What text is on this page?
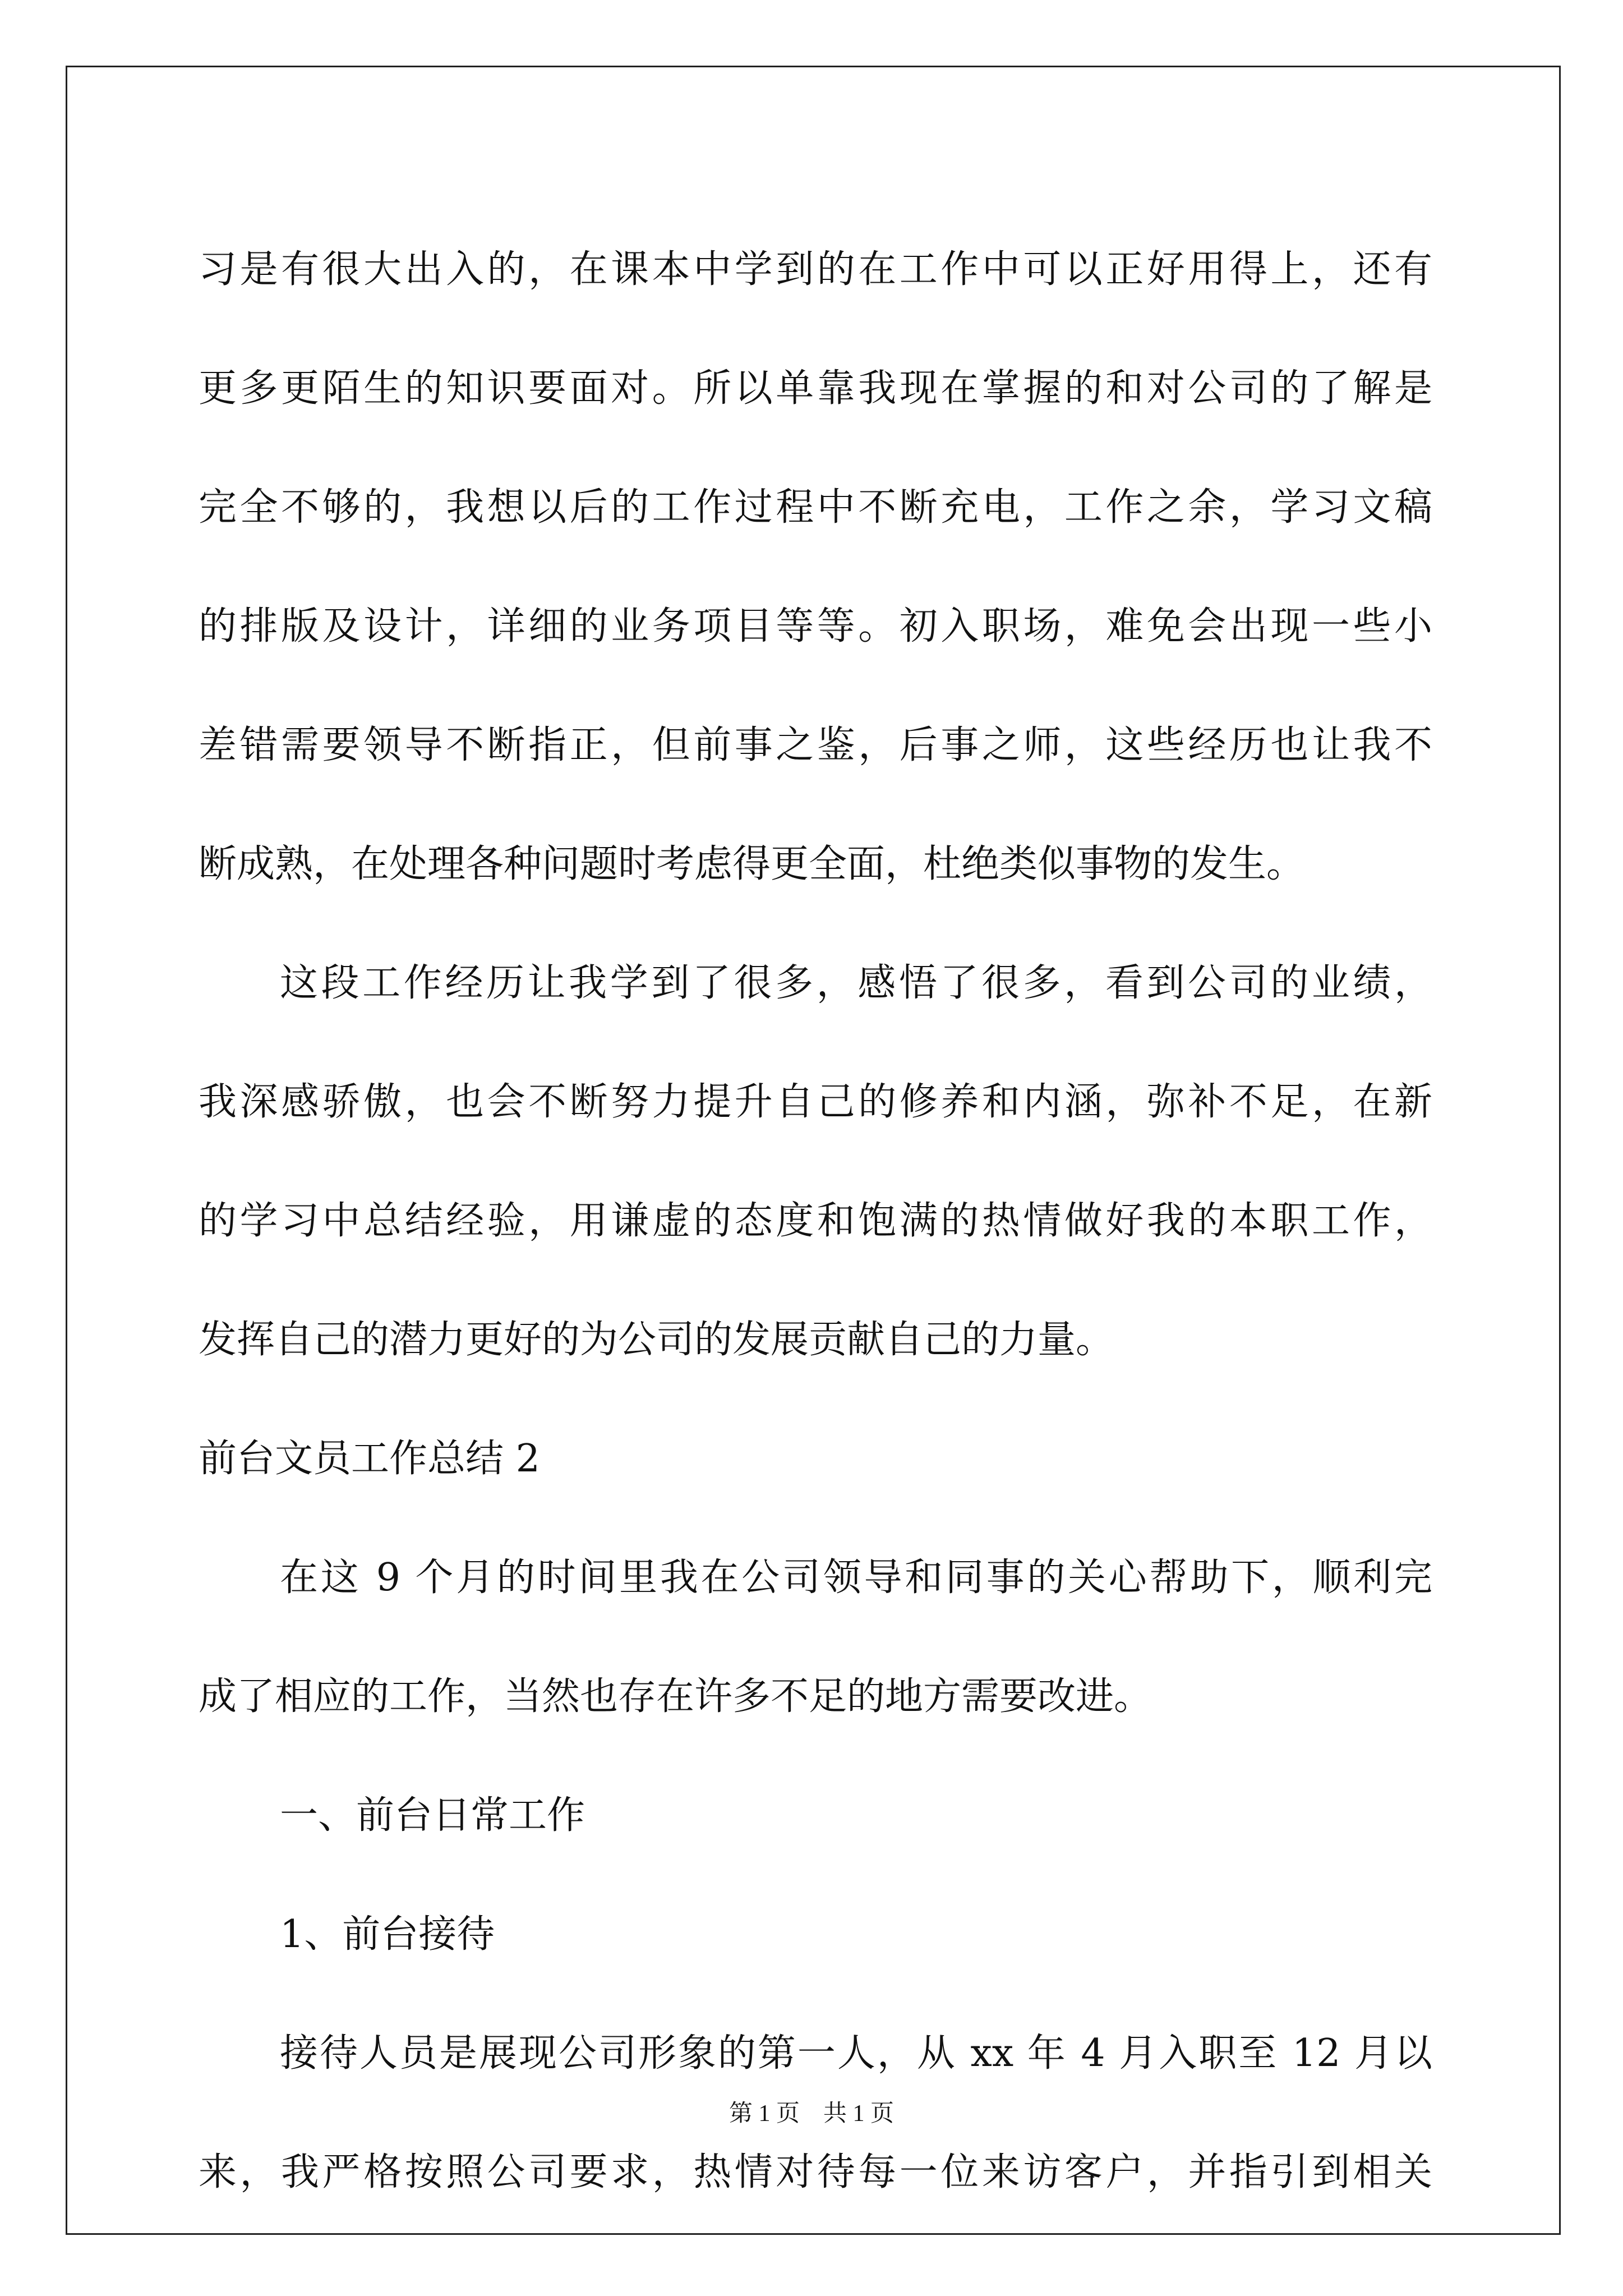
习是有很大出入的，在课本中学到的在工作中可以正好用得上，还有
更多更陌生的知识要面对。所以单靠我现在掌握的和对公司的了解是
完全不够的，我想以后的工作过程中不断充电，工作之余，学习文稿
的排版及设计，详细的业务项目等等。初入职场，难免会出现一些小
差错需要领导不断指正，但前事之鉴，后事之师，这些经历也让我不
断成熟，在处理各种问题时考虑得更全面，杜绝类似事物的发生。
这段工作经历让我学到了很多，感悟了很多，看到公司的业绩，
我深感骄傲，也会不断努力提升自己的修养和内涵，弥补不足，在新
的学习中总结经验，用谦虚的态度和饱满的热情做好我的本职工作，
发挥自己的潜力更好的为公司的发展贡献自己的力量。
前台文员工作总结 2
在这 9 个月的时间里我在公司领导和同事的关心帮助下，顺利完
成了相应的工作，当然也存在许多不足的地方需要改进。
一、前台日常工作
1、前台接待
接待人员是展现公司形象的第一人，从 xx 年 4 月入职至 12 月以
来，我严格按照公司要求，热情对待每一位来访客户，并指引到相关
第 1 页　共 1 页
